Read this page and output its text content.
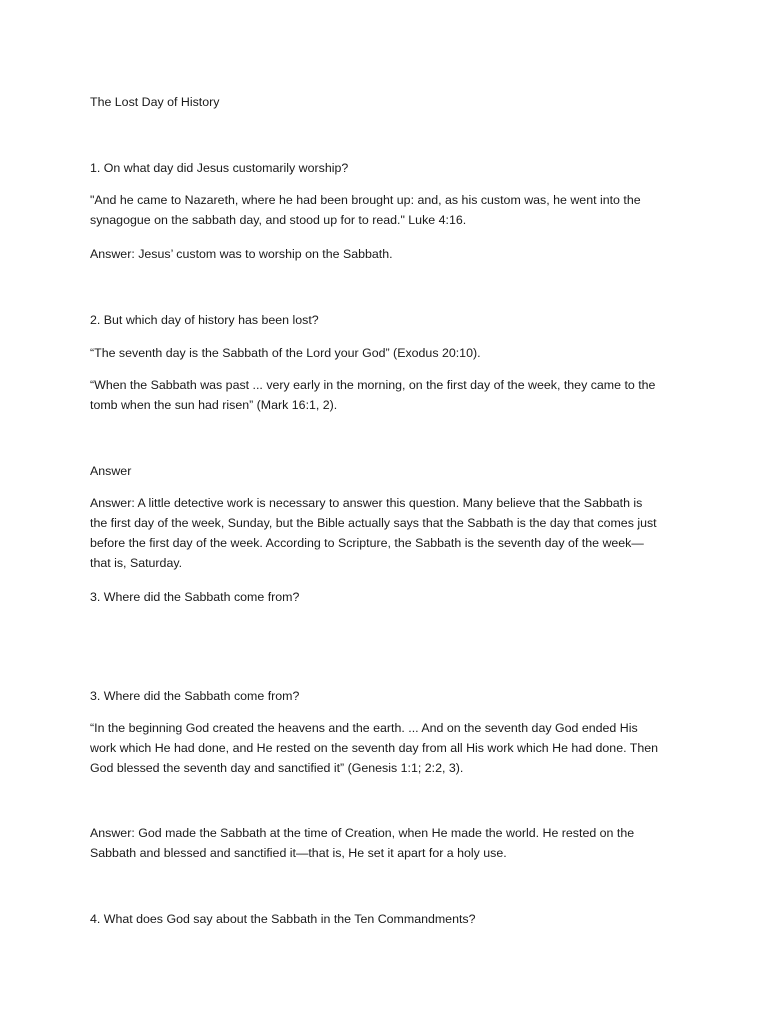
The Lost Day of History
1. On what day did Jesus customarily worship?
"And he came to Nazareth, where he had been brought up: and, as his custom was, he went into the
synagogue on the sabbath day, and stood up for to read." Luke 4:16.
Answer: Jesus’ custom was to worship on the Sabbath.
2. But which day of history has been lost?
“The seventh day is the Sabbath of the Lord your God” (Exodus 20:10).
“When the Sabbath was past ... very early in the morning, on the first day of the week, they came to the
tomb when the sun had risen” (Mark 16:1, 2).
Answer
Answer: A little detective work is necessary to answer this question. Many believe that the Sabbath is
the first day of the week, Sunday, but the Bible actually says that the Sabbath is the day that comes just
before the first day of the week. According to Scripture, the Sabbath is the seventh day of the week—
that is, Saturday.
3. Where did the Sabbath come from?
3. Where did the Sabbath come from?
“In the beginning God created the heavens and the earth. ... And on the seventh day God ended His
work which He had done, and He rested on the seventh day from all His work which He had done. Then
God blessed the seventh day and sanctified it” (Genesis 1:1; 2:2, 3).
Answer: God made the Sabbath at the time of Creation, when He made the world. He rested on the
Sabbath and blessed and sanctified it—that is, He set it apart for a holy use.
4. What does God say about the Sabbath in the Ten Commandments?
